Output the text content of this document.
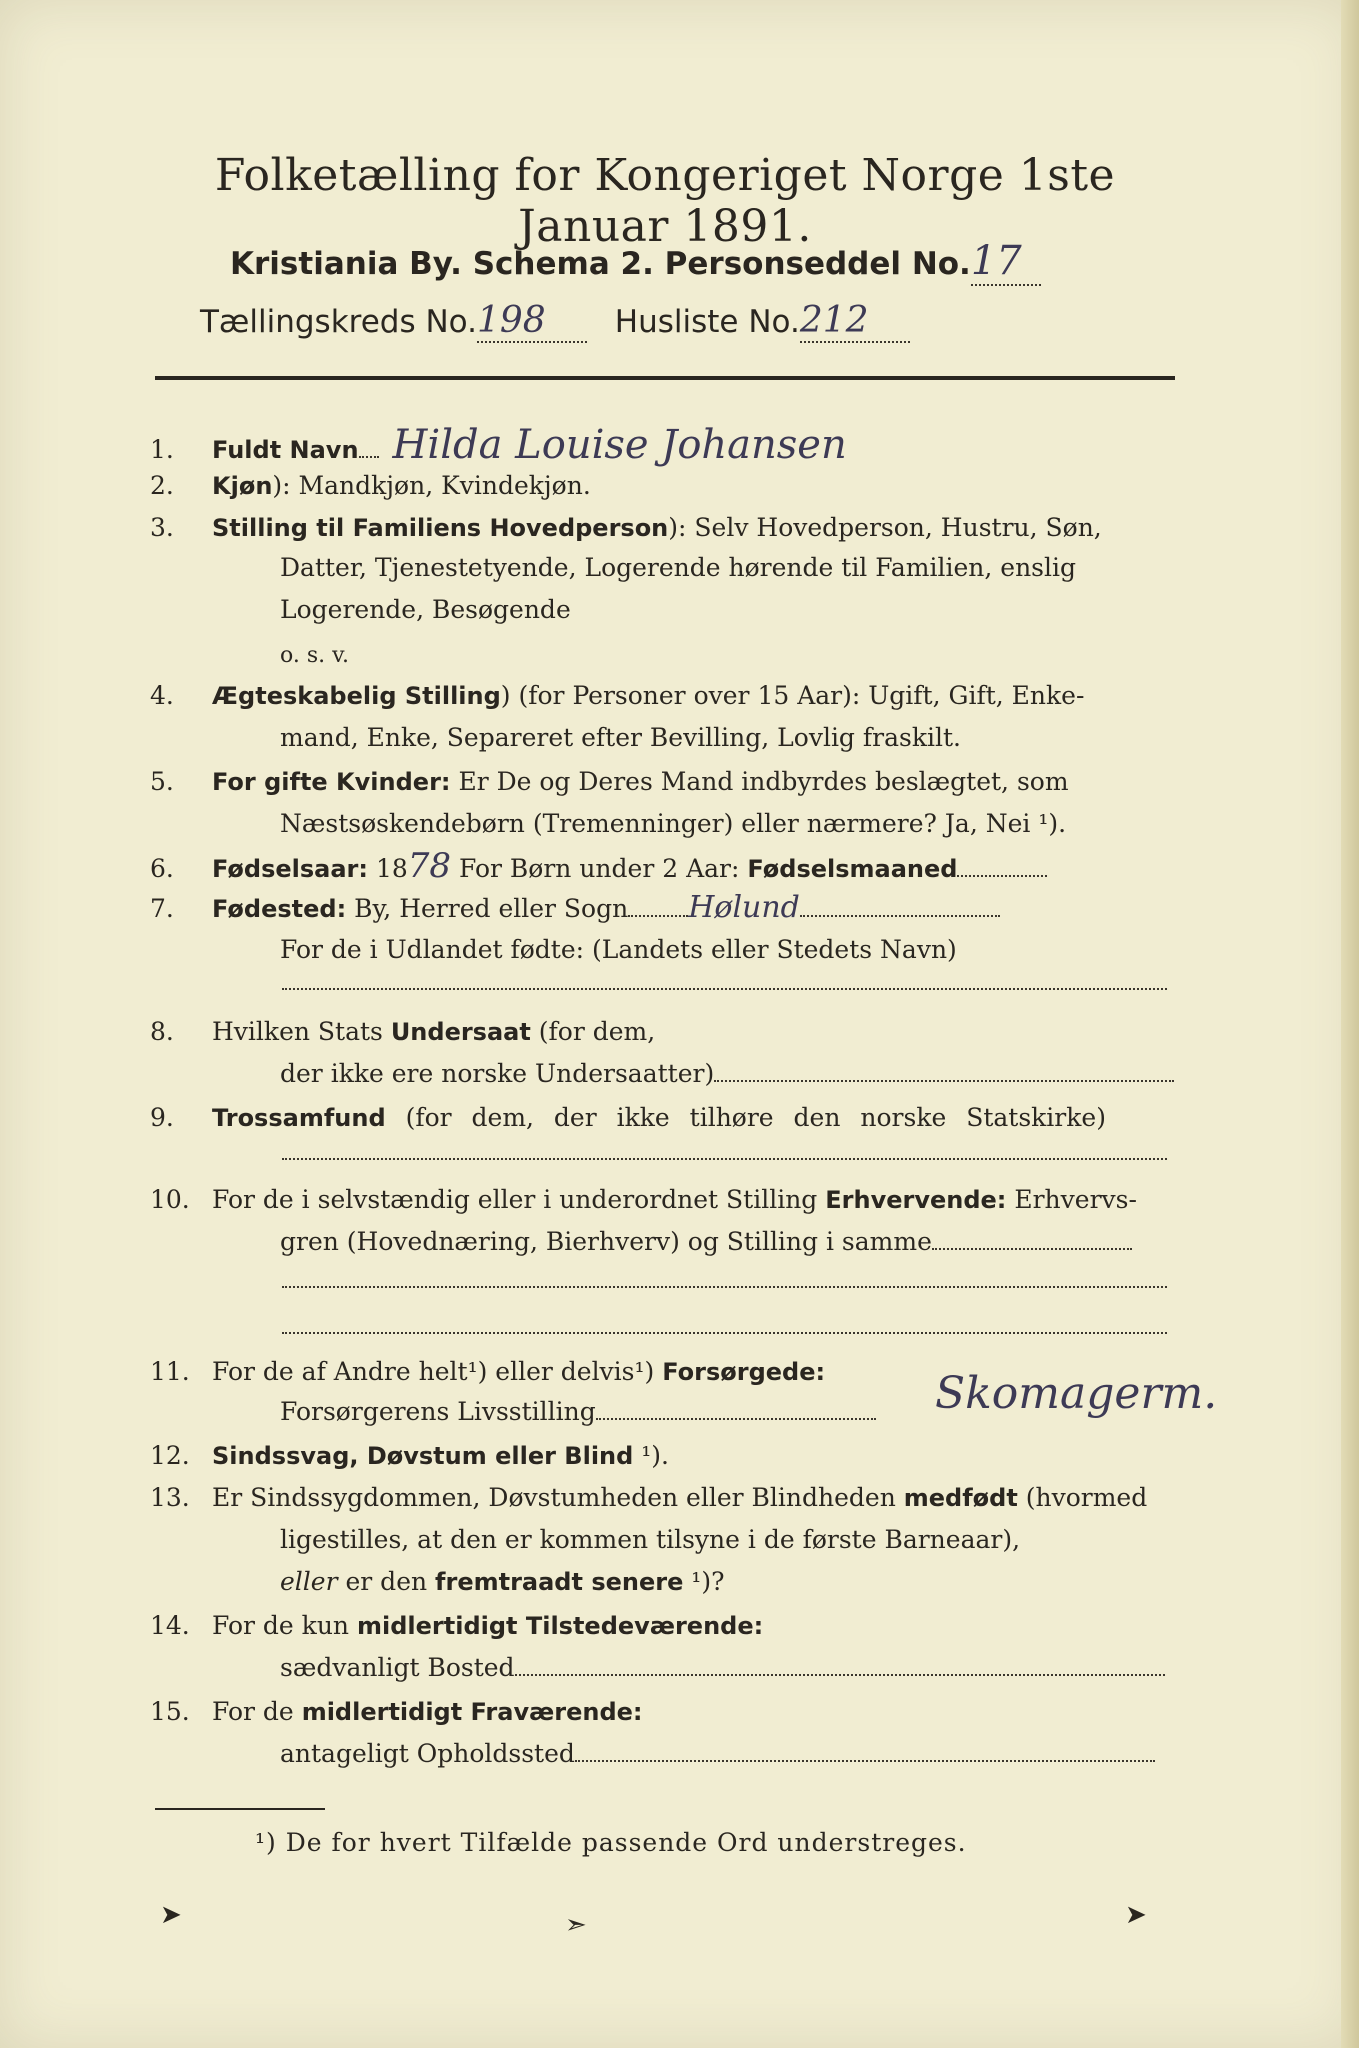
Folketælling for Kongeriget Norge 1ste Januar 1891.
Kristiania By. Schema 2. Personseddel No.17
Tællingskreds No.198 Husliste No.212
1. Fuldt Navn Hilda Louise Johansen
2. Kjøn): Mandkjøn, Kvindekjøn.
3. Stilling til Familiens Hovedperson): Selv Hovedperson, Hustru, Søn,
Datter, Tjenestetyende, Logerende hørende til Familien, enslig
Logerende, Besøgende
o. s. v.
4. Ægteskabelig Stilling) (for Personer over 15 Aar): Ugift, Gift, Enke-
mand, Enke, Separeret efter Bevilling, Lovlig fraskilt.
5. For gifte Kvinder: Er De og Deres Mand indbyrdes beslægtet, som
Næstsøskendebørn (Tremenninger) eller nærmere? Ja, Nei ¹).
6. Fødselsaar: 1878 For Børn under 2 Aar: Fødselsmaaned
7. Fødested: By, Herred eller Sogn Hølund
For de i Udlandet fødte: (Landets eller Stedets Navn)
8. Hvilken Stats Undersaat (for dem,
der ikke ere norske Undersaatter)
9. Trossamfund (for dem, der ikke tilhøre den norske Statskirke)
10. For de i selvstændig eller i underordnet Stilling Erhvervende: Erhvervs-
gren (Hovednæring, Bierhverv) og Stilling i samme
11. For de af Andre helt¹) eller delvis¹) Forsørgede:
Forsørgerens Livsstilling	Skomagerm.
12. Sindssvag, Døvstum eller Blind ¹).
13. Er Sindssygdommen, Døvstumheden eller Blindheden medfødt (hvormed
ligestilles, at den er kommen tilsyne i de første Barneaar),
eller er den fremtraadt senere ¹)?
14. For de kun midlertidigt Tilstedeværende:
sædvanligt Bosted
15. For de midlertidigt Fraværende:
antageligt Opholdssted
¹) De for hvert Tilfælde passende Ord understreges.
➤	➣	➤
